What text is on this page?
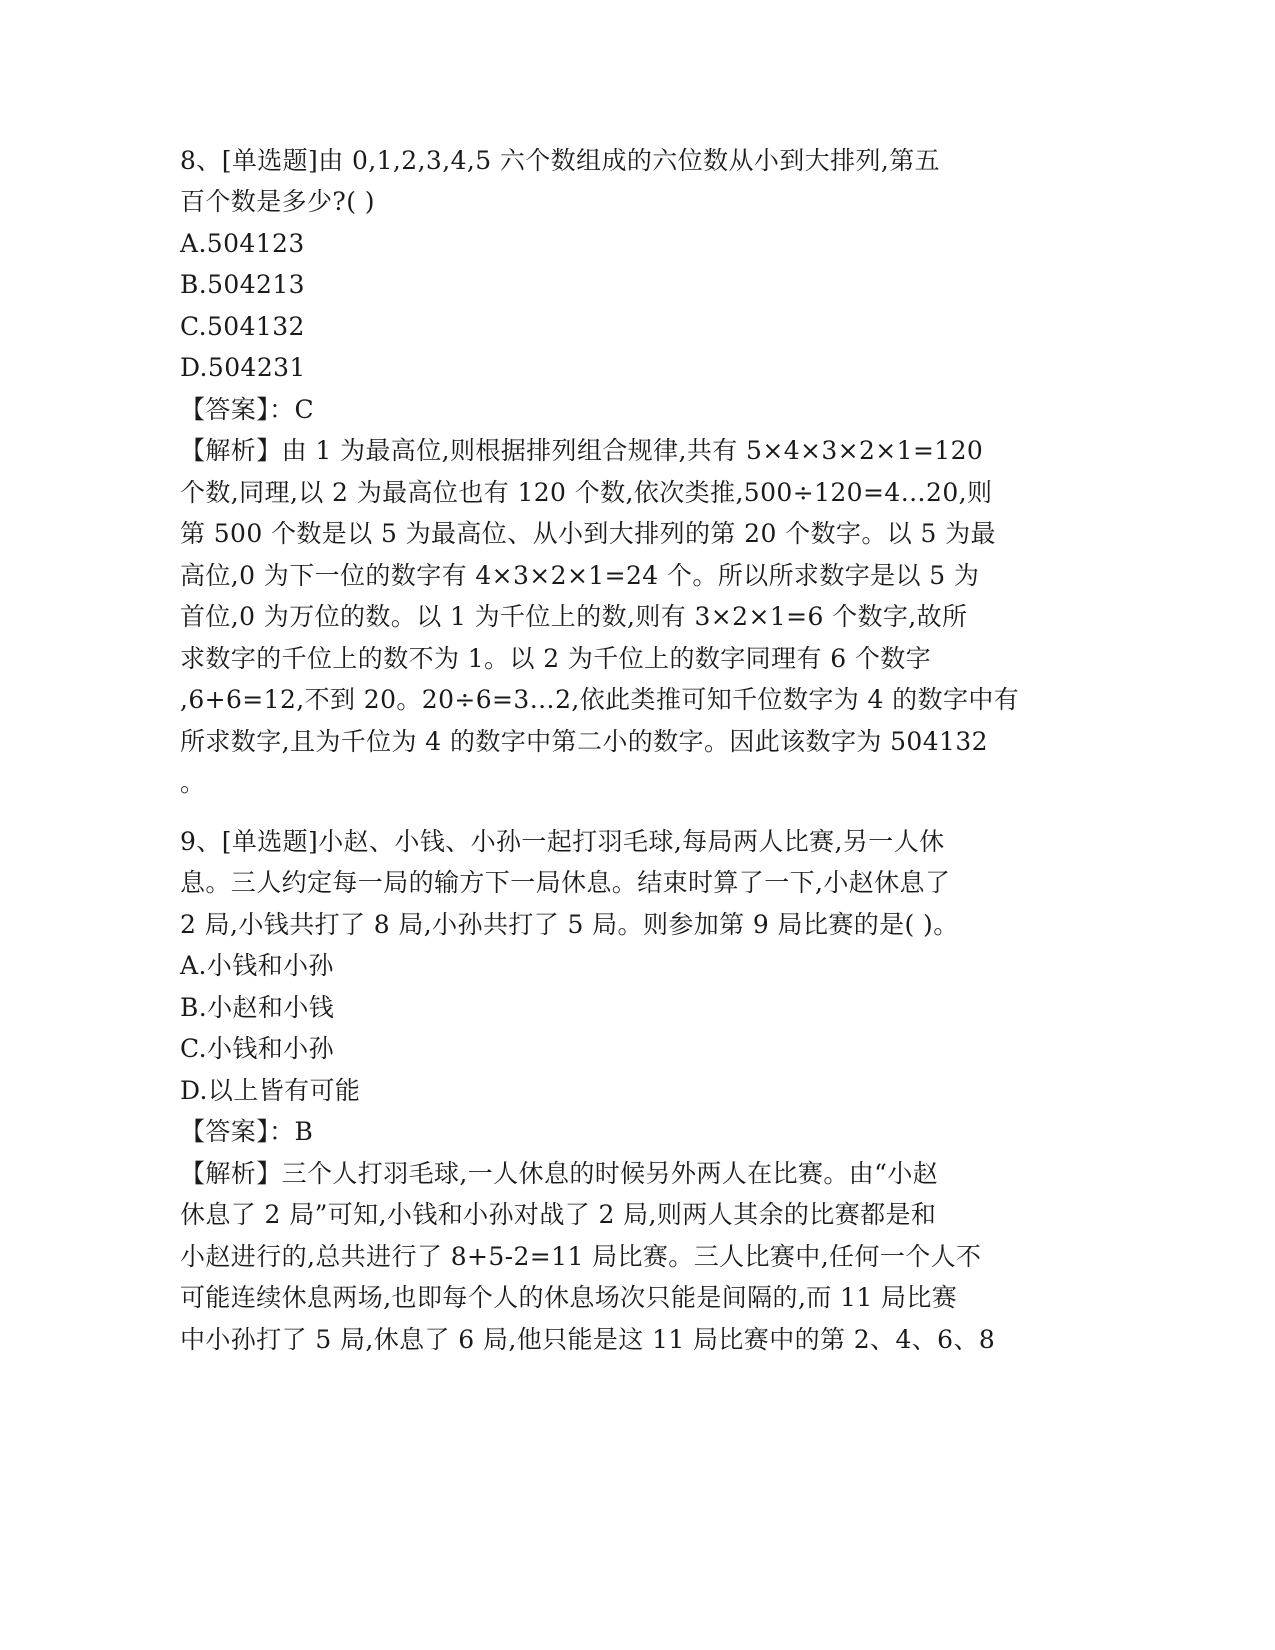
8、[单选题]由 0,1,2,3,4,5 六个数组成的六位数从小到大排列,第五
百个数是多少?( )
A.504123
B.504213
C.504132
D.504231
【答案】：C
【解析】由 1 为最高位,则根据排列组合规律,共有 5×4×3×2×1=120
个数,同理,以 2 为最高位也有 120 个数,依次类推,500÷120=4…20,则
第 500 个数是以 5 为最高位、从小到大排列的第 20 个数字。以 5 为最
高位,0 为下一位的数字有 4×3×2×1=24 个。所以所求数字是以 5 为
首位,0 为万位的数。以 1 为千位上的数,则有 3×2×1=6 个数字,故所
求数字的千位上的数不为 1。以 2 为千位上的数字同理有 6 个数字
,6+6=12,不到 20。20÷6=3…2,依此类推可知千位数字为 4 的数字中有
所求数字,且为千位为 4 的数字中第二小的数字。因此该数字为 504132
。
9、[单选题]小赵、小钱、小孙一起打羽毛球,每局两人比赛,另一人休
息。三人约定每一局的输方下一局休息。结束时算了一下,小赵休息了
2 局,小钱共打了 8 局,小孙共打了 5 局。则参加第 9 局比赛的是( )。
A.小钱和小孙
B.小赵和小钱
C.小钱和小孙
D.以上皆有可能
【答案】：B
【解析】三个人打羽毛球,一人休息的时候另外两人在比赛。由“小赵
休息了 2 局”可知,小钱和小孙对战了 2 局,则两人其余的比赛都是和
小赵进行的,总共进行了 8+5-2=11 局比赛。三人比赛中,任何一个人不
可能连续休息两场,也即每个人的休息场次只能是间隔的,而 11 局比赛
中小孙打了 5 局,休息了 6 局,他只能是这 11 局比赛中的第 2、4、6、8
